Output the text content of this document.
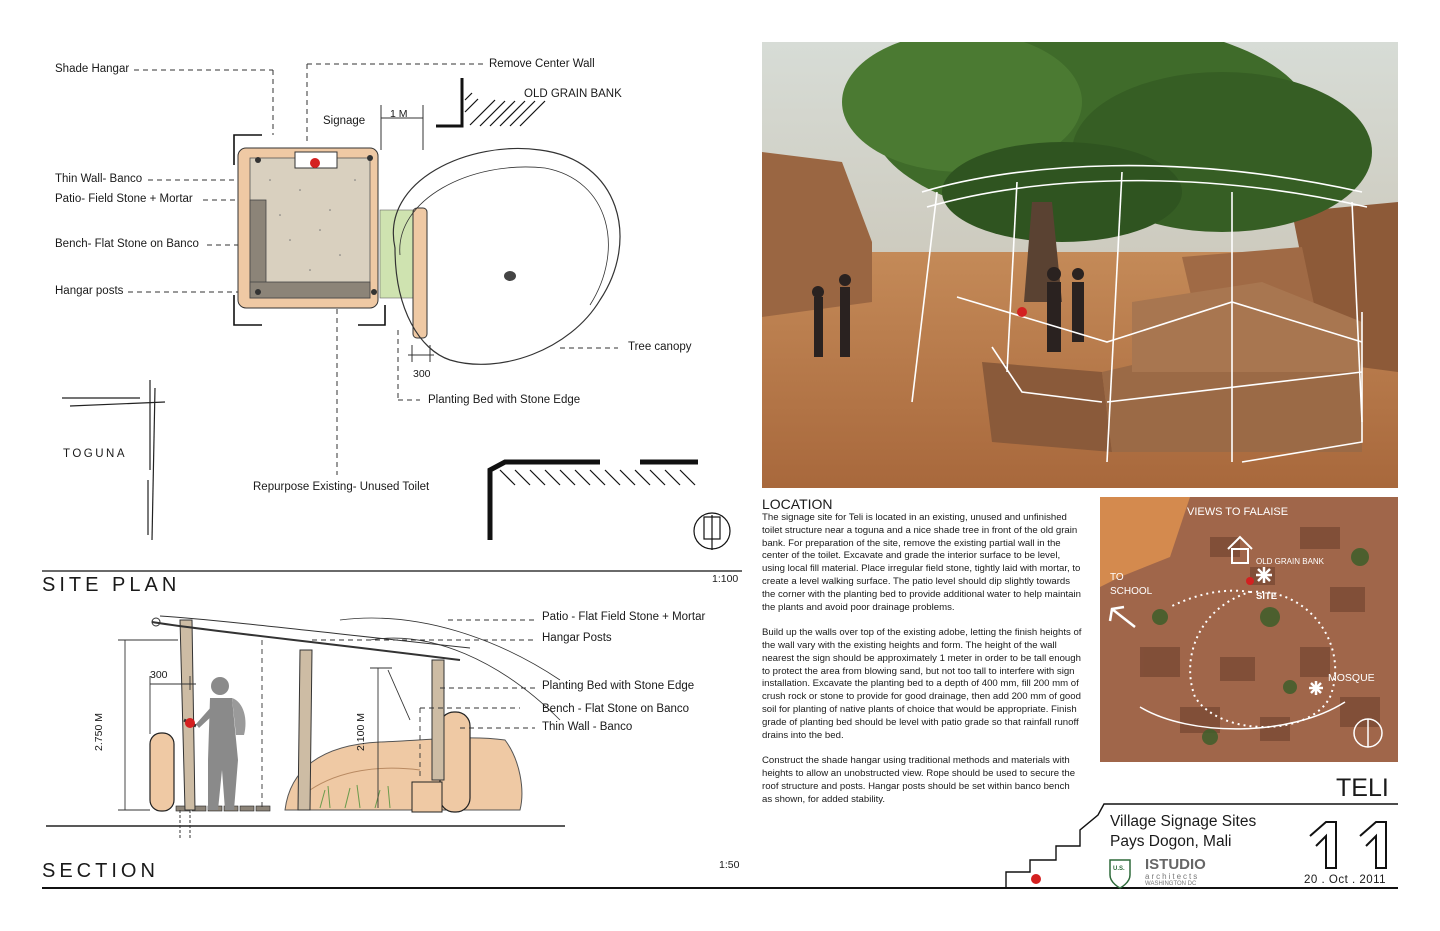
Shade Hangar	Remove Center Wall
OLD GRAIN BANK
Signage
1 M
Thin Wall- Banco
Patio- Field Stone + Mortar
Bench- Flat Stone on Banco
Hangar posts
Tree canopy
300
Planting Bed with Stone Edge
TOGUNA
Repurpose Existing- Unused Toilet
SITE PLAN	1:100
Patio - Flat Field Stone + Mortar
Hangar Posts
Planting Bed with Stone Edge
Bench - Flat Stone on Banco
Thin Wall - Banco
300
2.750 M	2.100 M
SECTION	1:50
LOCATION

The signage site for Teli is located in an existing, unused and unfinished toilet structure near a toguna and a nice shade tree in front of the old grain bank. For preparation of the site, remove the existing partial wall in the center of the toilet. Excavate and grade the interior surface to be level, using local fill material. Place irregular field stone, tightly laid with mortar, to create a level walking surface. The patio level should dip slightly towards the corner with the planting bed to provide additional water to help maintain the plants and avoid poor drainage problems.

Build up the walls over top of the existing adobe, letting the finish heights of the wall vary with the existing heights and form. The height of the wall nearest the sign should be approximately 1 meter in order to be tall enough to protect the area from blowing sand, but not too tall to interfere with sign installation. Excavate the planting bed to a depth of 400 mm, fill 200 mm of crush rock or stone to provide for good drainage, then add 200 mm of good soil for planting of native plants of choice that would be appropriate. Finish grade of planting bed should be level with patio grade so that rainfall runoff drains into the bed.

Construct the shade hangar using traditional methods and materials with heights to allow an unobstructed view. Rope should be used to secure the roof structure and posts. Hangar posts should be set within banco bench as shown, for added stability.

VIEWS TO FALAISE
OLD GRAIN BANK
SITE
TO
SCHOOL
MOSQUE
TELI
Village Signage Sites
Pays Dogon, Mali
U.S. ISTUDIO
architects
WASHINGTON DC	20 . Oct . 2011
